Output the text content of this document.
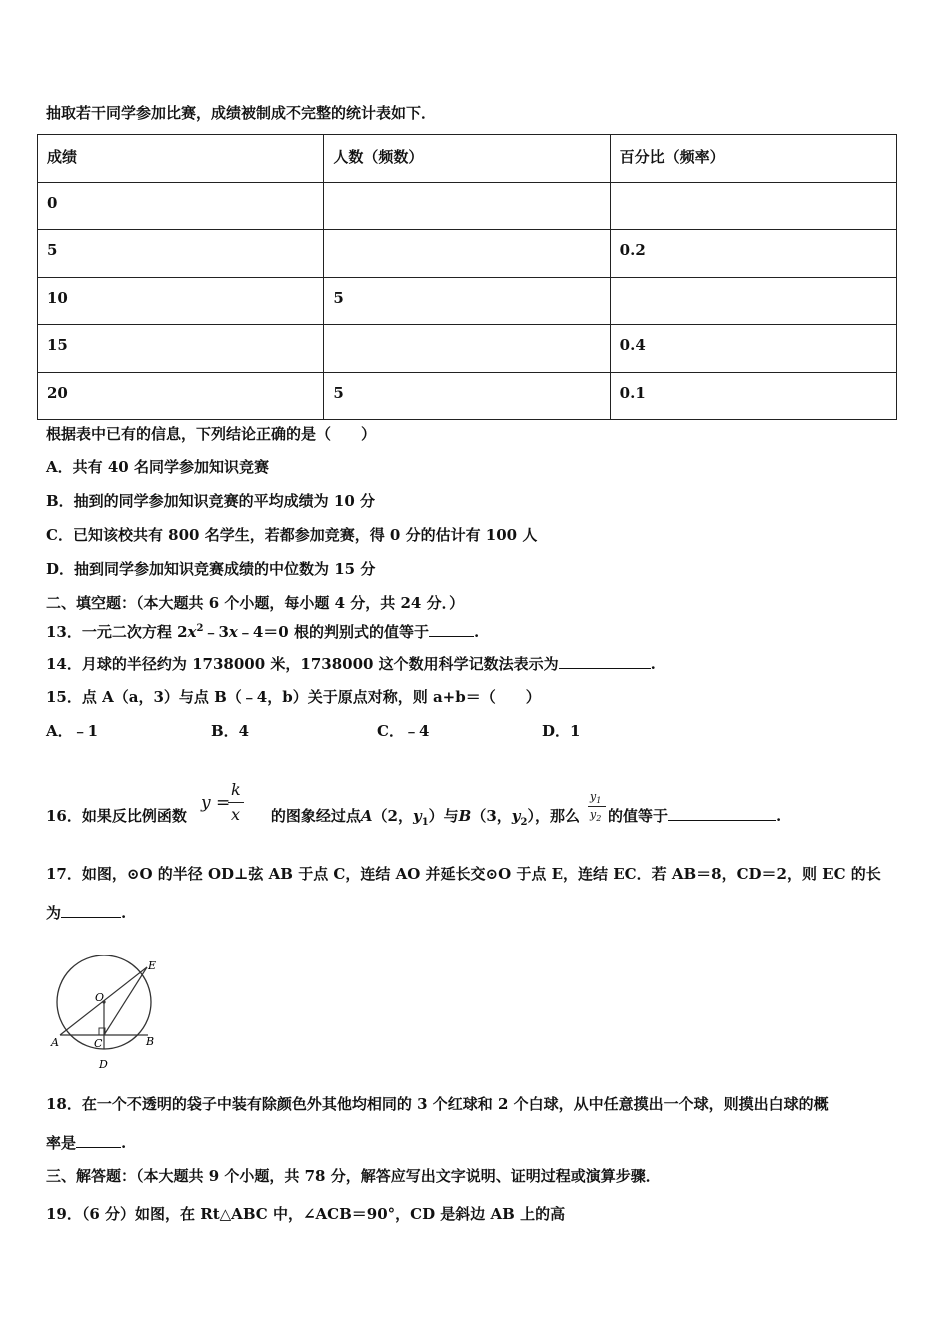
抽取若干同学参加比赛，成绩被制成不完整的统计表如下．
成绩	人数（频数）	百分比（频率）
0		
5		0.2
10	5	
15		0.4
20	5	0.1
根据表中已有的信息，下列结论正确的是（　　）
A．共有 40 名同学参加知识竞赛
B．抽到的同学参加知识竞赛的平均成绩为 10 分
C．已知该校共有 800 名学生，若都参加竞赛，得 0 分的估计有 100 人
D．抽到同学参加知识竞赛成绩的中位数为 15 分
二、填空题：（本大题共 6 个小题，每小题 4 分，共 24 分．）
13．一元二次方程 $2x^2﹣3x﹣4=0$ 根的判别式的值等于	.
14．月球的半径约为 1738000 米，1738000 这个数用科学记数法表示为	.
15．点 A（a，3）与点 B（﹣4，b）关于原点对称，则 a+b＝（　　）
A．﹣1	B．4	C．﹣4	D．1
16．如果反比例函数	的图象经过点A（2，$y_1$）与B（3，$y_2$），那么 的值等于	.
y =
k
x
$y_1$
$y_2$
17．如图，⊙O 的半径 OD⊥弦 AB 于点 C，连结 AO 并延长交⊙O 于点 E，连结 EC．若 AB＝8，CD＝2，则 EC 的长
为	.
E
O
A	C	B
D
18．在一个不透明的袋子中装有除颜色外其他均相同的 3 个红球和 2 个白球，从中任意摸出一个球，则摸出白球的概
率是	.
三、解答题：（本大题共 9 个小题，共 78 分，解答应写出文字说明、证明过程或演算步骤．
19．（6 分）如图，在 Rt△ABC 中，∠ACB＝90°，CD 是斜边 AB 上的高
